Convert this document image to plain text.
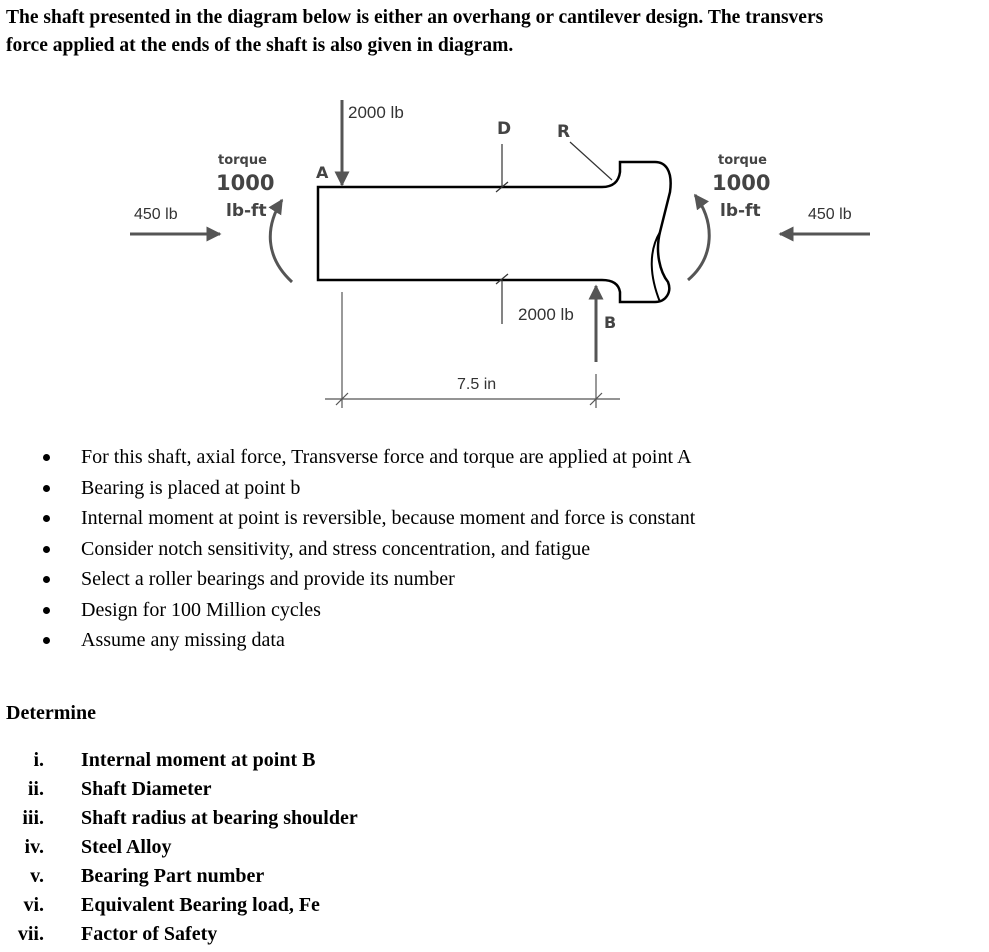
The shaft presented in the diagram below is either an overhang or cantilever design. The transvers
force applied at the ends of the shaft is also given in diagram.
2000 lb
A
450 lb	450 lb
torque
1000
lb-ft
torque
1000
lb-ft
D	R
2000 lb B
7.5 in
For this shaft, axial force, Transverse force and torque are applied at point A
Bearing is placed at point b
Internal moment at point is reversible, because moment and force is constant
Consider notch sensitivity, and stress concentration, and fatigue
Select a roller bearings and provide its number
Design for 100 Million cycles
Assume any missing data
Determine
i. Internal moment at point B
ii. Shaft Diameter
iii. Shaft radius at bearing shoulder
iv. Steel Alloy
v. Bearing Part number
vi. Equivalent Bearing load, Fe
vii. Factor of Safety
